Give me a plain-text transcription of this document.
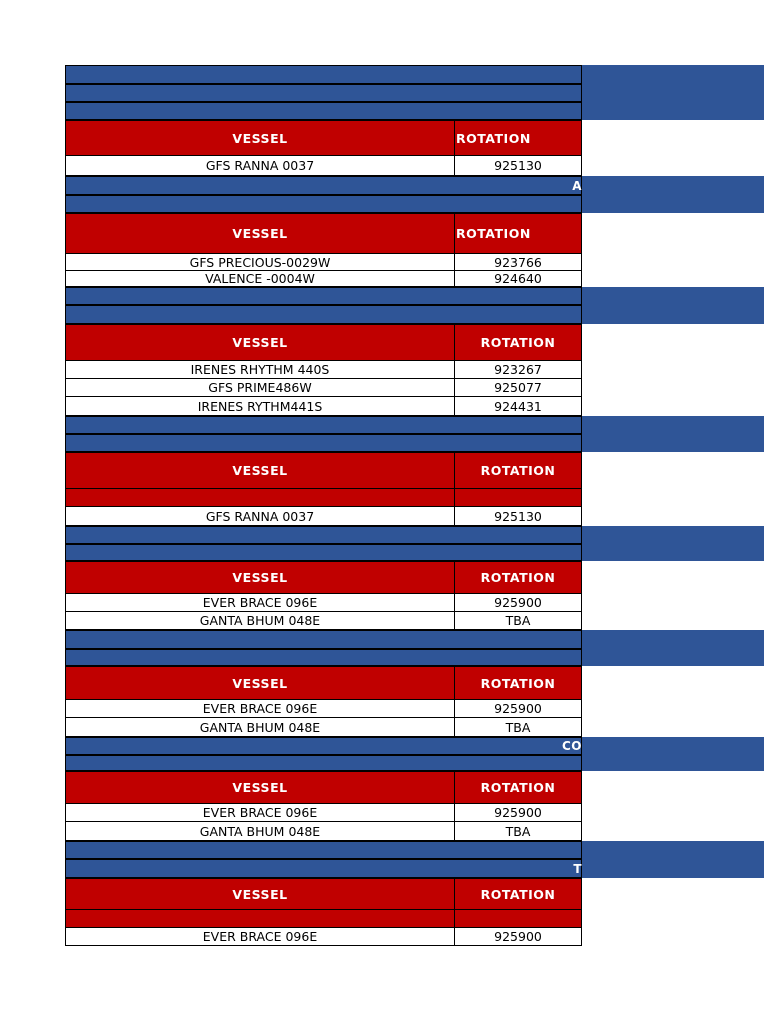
VESSEL	ROTATION
GFS RANNA 0037	925130
A
VESSEL	ROTATION
GFS PRECIOUS-0029W	923766
VALENCE -0004W	924640
VESSEL	ROTATION
IRENES RHYTHM 440S	923267
GFS PRIME486W	925077
IRENES RYTHM441S	924431
VESSEL	ROTATION
GFS RANNA 0037	925130
VESSEL	ROTATION
EVER BRACE 096E	925900
GANTA BHUM 048E	TBA
VESSEL	ROTATION
EVER BRACE 096E	925900
GANTA BHUM 048E	TBA
CO
VESSEL	ROTATION
EVER BRACE 096E	925900
GANTA BHUM 048E	TBA
T
VESSEL	ROTATION
EVER BRACE 096E	925900
